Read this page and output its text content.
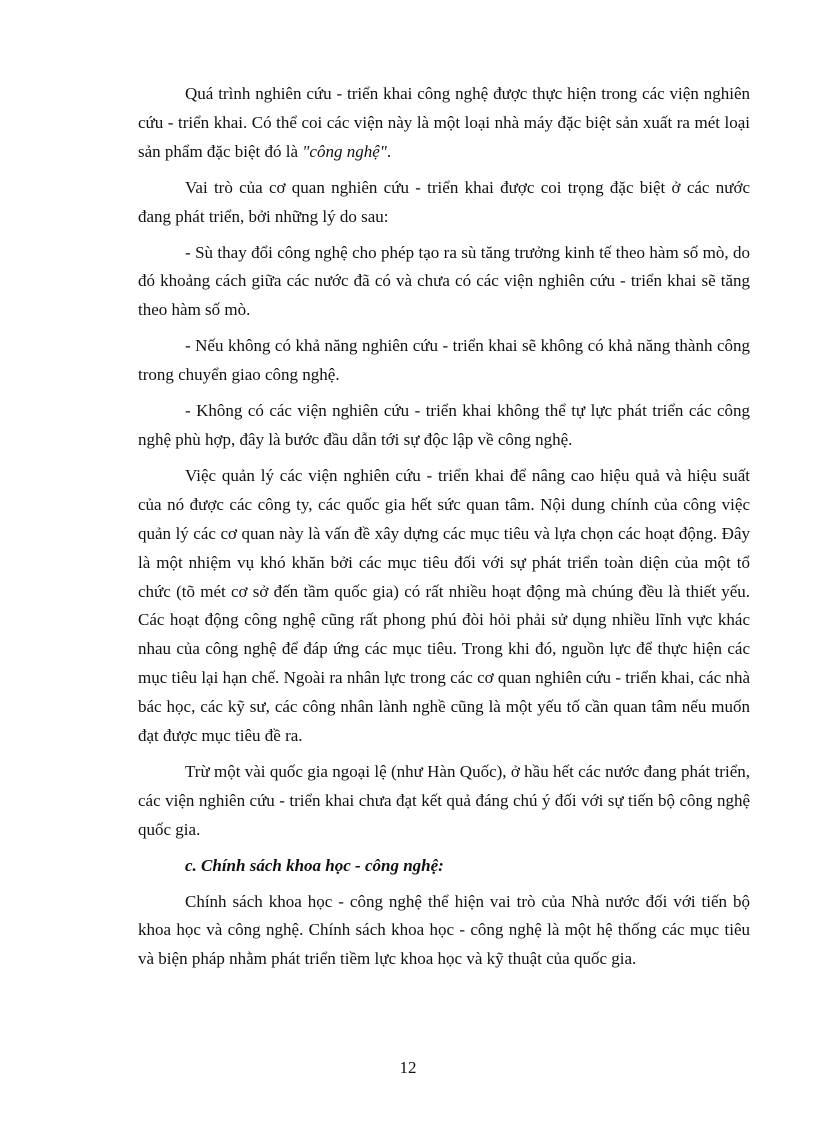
Quá trình nghiên cứu - triển khai công nghệ được thực hiện trong các viện nghiên cứu - triển khai. Có thể coi các viện này là một loại nhà máy đặc biệt sản xuất ra mét loại sản phẩm đặc biệt đó là "công nghệ".

Vai trò của cơ quan nghiên cứu - triển khai được coi trọng đặc biệt ở các nước đang phát triển, bởi những lý do sau:

- Sù thay đổi công nghệ cho phép tạo ra sù tăng trưởng kinh tế theo hàm số mò, do đó khoảng cách giữa các nước đã có và chưa có các viện nghiên cứu - triển khai sẽ tăng theo hàm số mò.

- Nếu không có khả năng nghiên cứu - triển khai sẽ không có khả năng thành công trong chuyển giao công nghệ.

- Không có các viện nghiên cứu - triển khai không thể tự lực phát triển các công nghệ phù hợp, đây là bước đầu dẫn tới sự độc lập về công nghệ.

Việc quản lý các viện nghiên cứu - triển khai để nâng cao hiệu quả và hiệu suất của nó được các công ty, các quốc gia hết sức quan tâm. Nội dung chính của công việc quản lý các cơ quan này là vấn đề xây dựng các mục tiêu và lựa chọn các hoạt động. Đây là một nhiệm vụ khó khăn bởi các mục tiêu đối với sự phát triển toàn diện của một tổ chức (tõ mét cơ sở đến tầm quốc gia) có rất nhiều hoạt động mà chúng đều là thiết yếu. Các hoạt động công nghệ cũng rất phong phú đòi hỏi phải sử dụng nhiều lĩnh vực khác nhau của công nghệ để đáp ứng các mục tiêu. Trong khi đó, nguồn lực để thực hiện các mục tiêu lại hạn chế. Ngoài ra nhân lực trong các cơ quan nghiên cứu - triển khai, các nhà bác học, các kỹ sư, các công nhân lành nghề cũng là một yếu tố cần quan tâm nếu muốn đạt được mục tiêu đề ra.

Trừ một vài quốc gia ngoại lệ (như Hàn Quốc), ở hầu hết các nước đang phát triển, các viện nghiên cứu - triển khai chưa đạt kết quả đáng chú ý đối với sự tiến bộ công nghệ quốc gia.

c. Chính sách khoa học - công nghệ:

Chính sách khoa học - công nghệ thể hiện vai trò của Nhà nước đối với tiến bộ khoa học và công nghệ. Chính sách khoa học - công nghệ là một hệ thống các mục tiêu và biện pháp nhằm phát triển tiềm lực khoa học và kỹ thuật của quốc gia.

12
